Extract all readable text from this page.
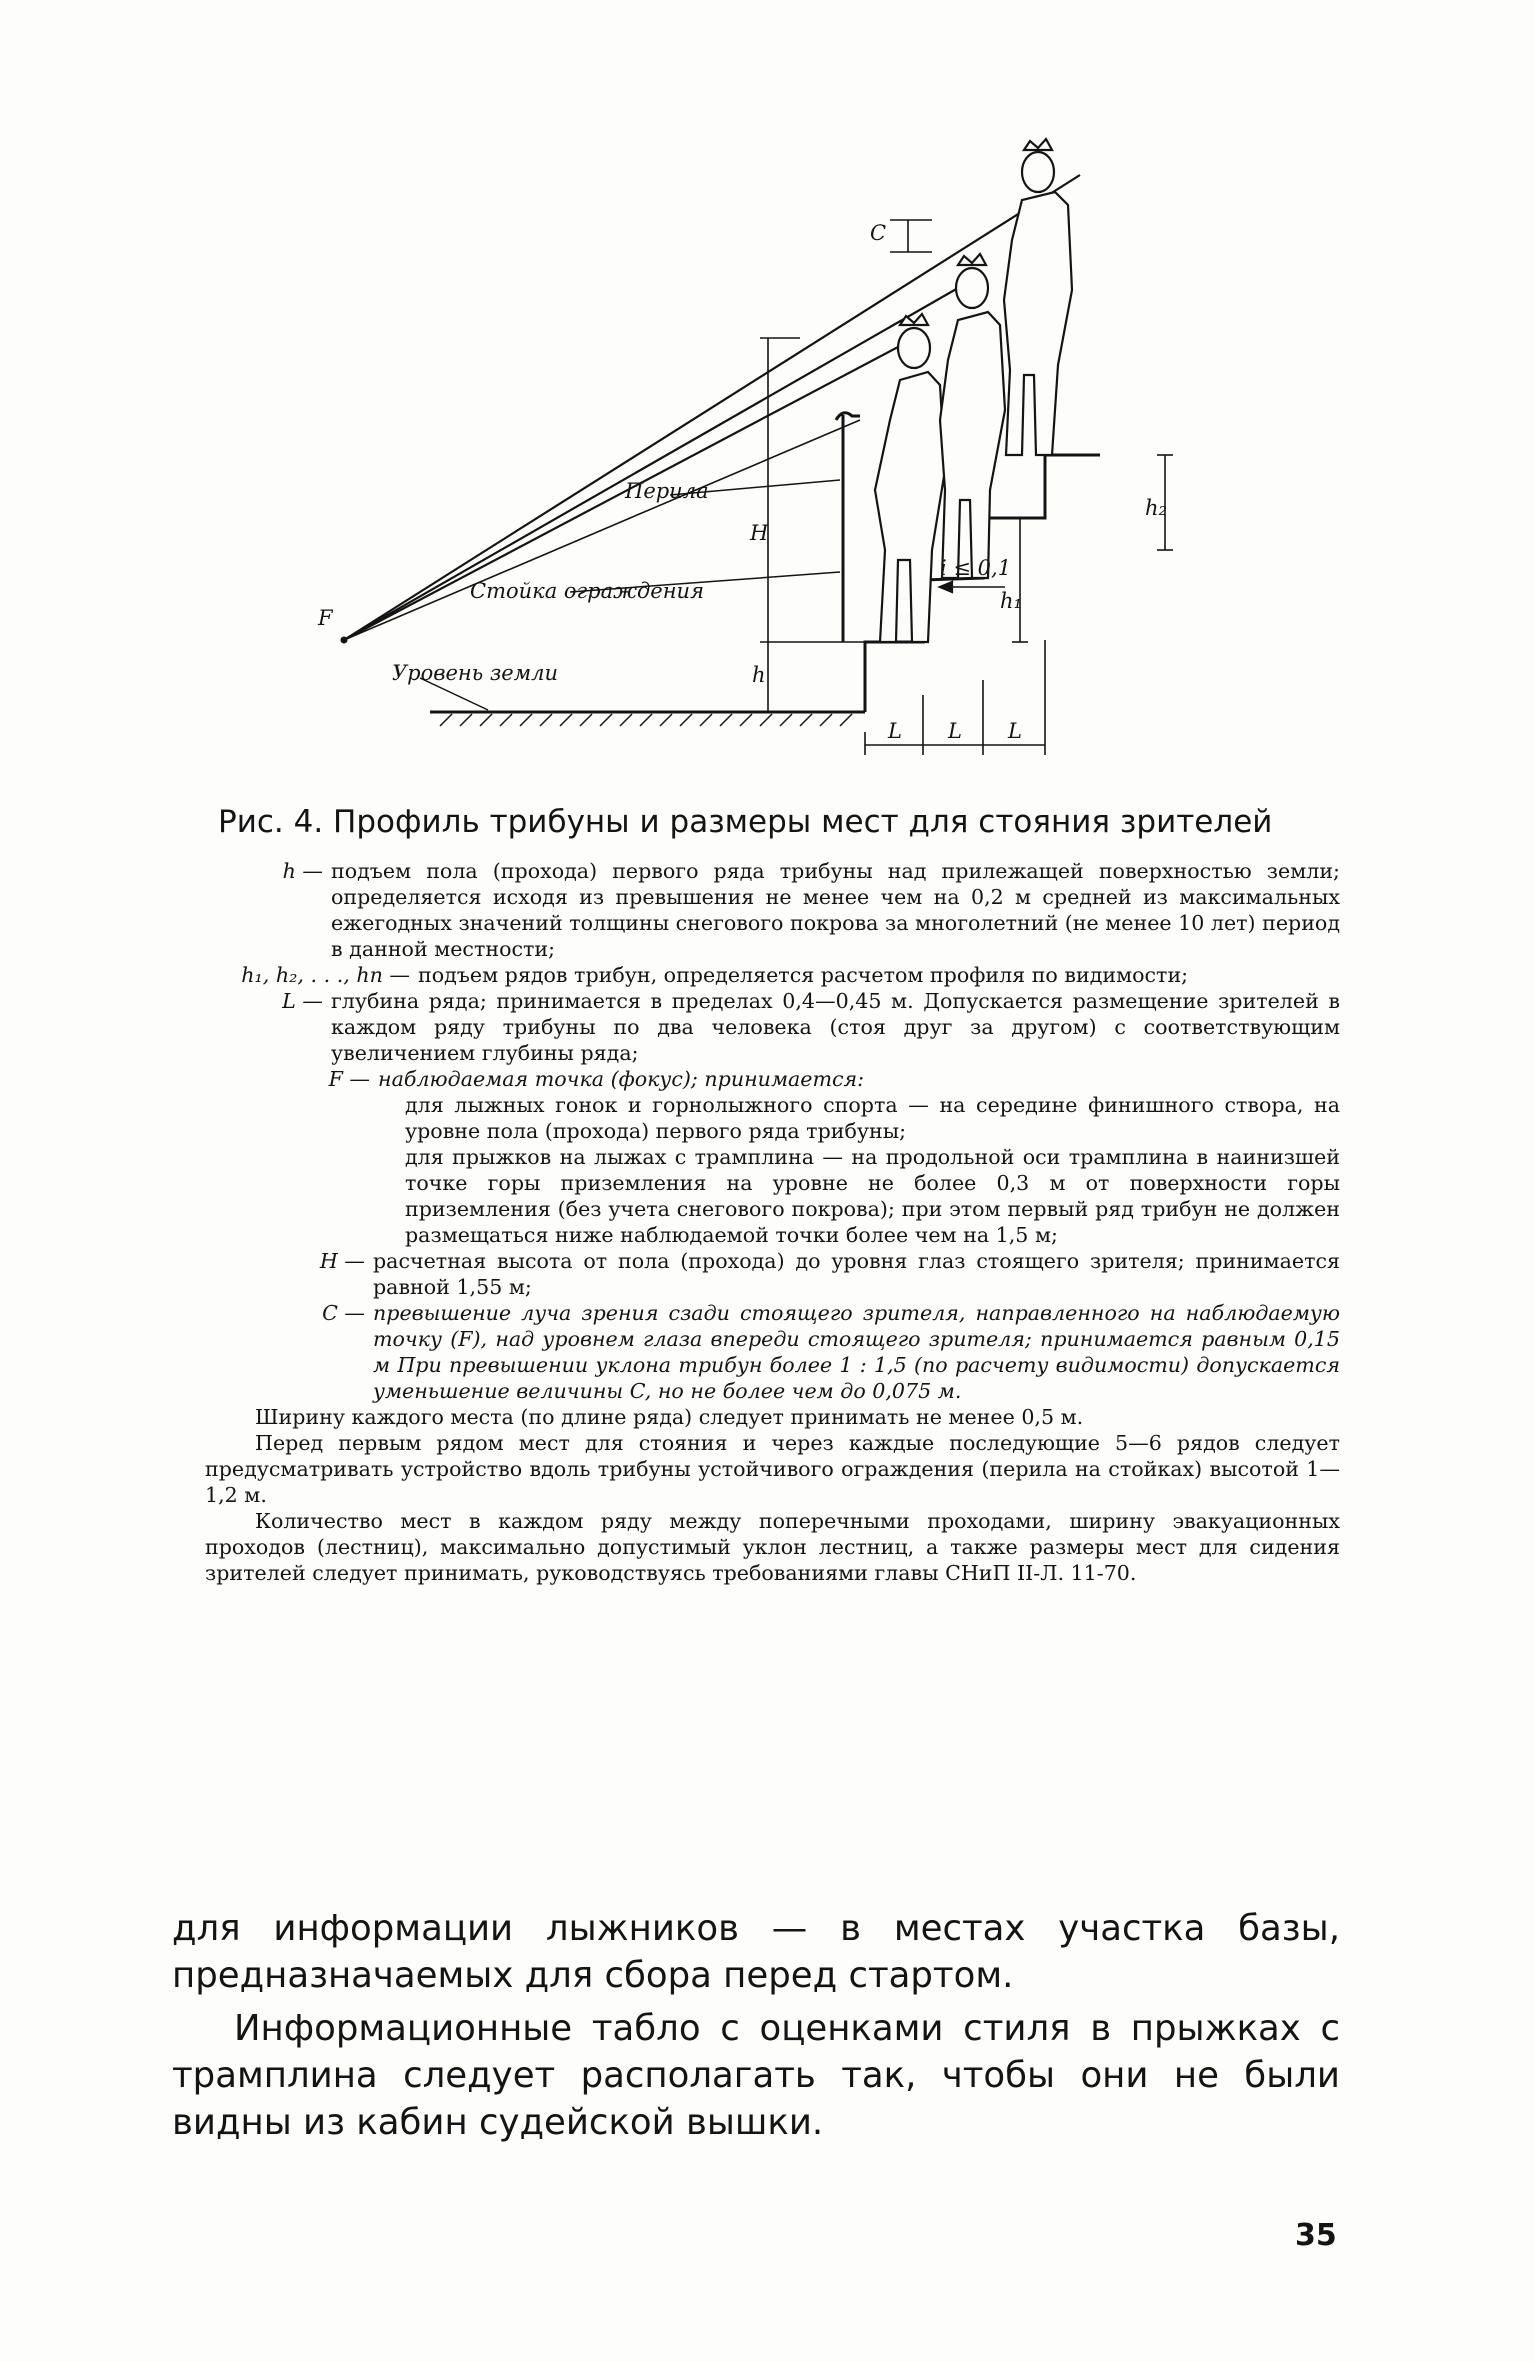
F
Перила
Стойка ограждения
Уровень земли
H
h
h₁
h₂
C
i ≤ 0,1
L L L
Рис. 4. Профиль трибуны и размеры мест для стояния зрителей
h — подъем пола (прохода) первого ряда трибуны над прилежащей поверхностью земли; определяется исходя из превышения не менее чем на 0,2 м средней из максимальных ежегодных значений толщины снегового покрова за многолетний (не менее 10 лет) период в данной местности;
h₁, h₂, . . ., hn — подъем рядов трибун, определяется расчетом профиля по видимости;
L — глубина ряда; принимается в пределах 0,4—0,45 м. Допускается размещение зрителей в каждом ряду трибуны по два человека (стоя друг за другом) с соответствующим увеличением глубины ряда;
F — наблюдаемая точка (фокус); принимается:
для лыжных гонок и горнолыжного спорта — на середине финишного створа, на уровне пола (прохода) первого ряда трибуны;
для прыжков на лыжах с трамплина — на продольной оси трамплина в наинизшей точке горы приземления на уровне не более 0,3 м от поверхности горы приземления (без учета снегового покрова); при этом первый ряд трибун не должен размещаться ниже наблюдаемой точки более чем на 1,5 м;
H — расчетная высота от пола (прохода) до уровня глаз стоящего зрителя; принимается равной 1,55 м;
C — превышение луча зрения сзади стоящего зрителя, направленного на наблюдаемую точку (F), над уровнем глаза впереди стоящего зрителя; принимается равным 0,15 м При превышении уклона трибун более 1 : 1,5 (по расчету видимости) допускается уменьшение величины C, но не более чем до 0,075 м.

Ширину каждого места (по длине ряда) следует принимать не менее 0,5 м.

Перед первым рядом мест для стояния и через каждые последующие 5—6 рядов следует предусматривать устройство вдоль трибуны устойчивого ограждения (перила на стойках) высотой 1—1,2 м.

Количество мест в каждом ряду между поперечными проходами, ширину эвакуационных проходов (лестниц), максимально допустимый уклон лестниц, а также размеры мест для сидения зрителей следует принимать, руководствуясь требованиями главы СНиП II-Л. 11-70.

для информации лыжников — в местах участка базы, предназначаемых для сбора перед стартом.

Информационные табло с оценками стиля в прыжках с трамплина следует располагать так, чтобы они не были видны из кабин судейской вышки.

35
